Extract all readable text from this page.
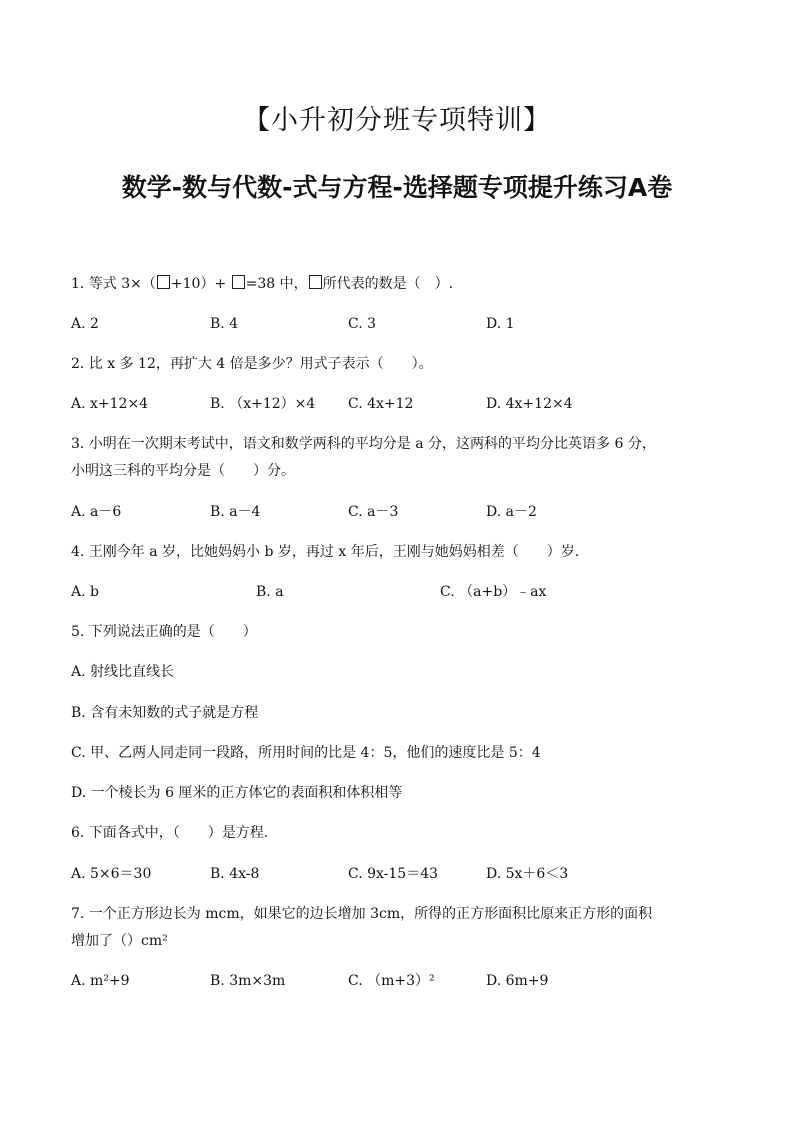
【小升初分班专项特训】
数学-数与代数-式与方程-选择题专项提升练习A卷
1. 等式 3×（ +10）+ =38 中， 所代表的数是（　）.
A. 2	B. 4	C. 3	D. 1
2. 比 x 多 12，再扩大 4 倍是多少？用式子表示（　　）。
A. x+12×4	B. （x+12）×4 C. 4x+12	D. 4x+12×4
3. 小明在一次期末考试中，语文和数学两科的平均分是 a 分，这两科的平均分比英语多 6 分，
小明这三科的平均分是（　　）分。
A. a－6	B. a－4	C. a－3	D. a－2
4. 王刚今年 a 岁，比她妈妈小 b 岁，再过 x 年后，王刚与她妈妈相差（　　）岁.
A. b	B. a	C. （a+b）﹣ax
5. 下列说法正确的是（　　）
A. 射线比直线长
B. 含有未知数的式子就是方程
C. 甲、乙两人同走同一段路，所用时间的比是 4：5，他们的速度比是 5：4
D. 一个棱长为 6 厘米的正方体它的表面积和体积相等
6. 下面各式中，（　　）是方程.
A. 5×6＝30	B. 4x-8	C. 9x-15＝43	D. 5x＋6＜3
7. 一个正方形边长为 mcm，如果它的边长增加 3cm，所得的正方形面积比原来正方形的面积
增加了（）cm²
A. m²+9	B. 3m×3m	C. （m+3）²	D. 6m+9
